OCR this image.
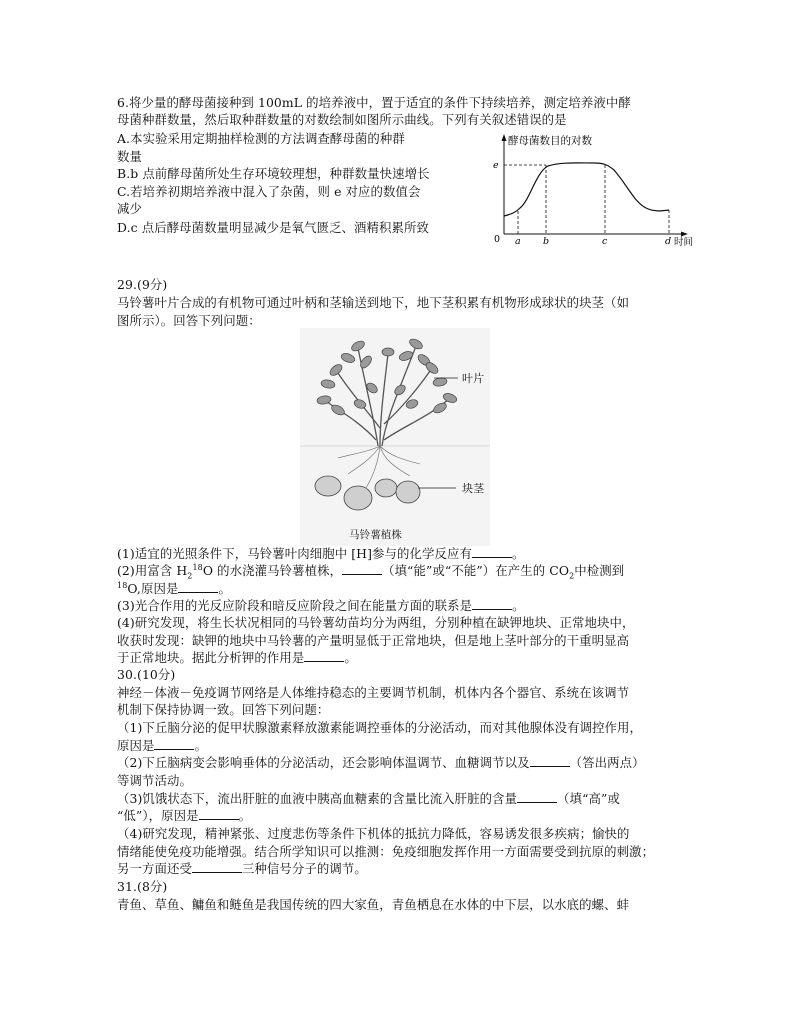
6.将少量的酵母菌接种到 100mL 的培养液中，置于适宜的条件下持续培养，测定培养液中酵
母菌种群数量，然后取种群数量的对数绘制如图所示曲线。下列有关叙述错误的是
A.本实验采用定期抽样检测的方法调查酵母菌的种群
数量
B.b 点前酵母菌所处生存环境较理想，种群数量快速增长
C.若培养初期培养液中混入了杂菌，则 e 对应的数值会
减少
D.c 点后酵母菌数量明显减少是氧气匮乏、酒精积累所致
酵母菌数目的对数
0 a b	c	d
e
时间
29.(9分)
马铃薯叶片合成的有机物可通过叶柄和茎输送到地下，地下茎积累有机物形成球状的块茎（如
图所示）。回答下列问题：
叶片
块茎
马铃薯植株
(1)适宜的光照条件下，马铃薯叶肉细胞中 [H]参与的化学反应有	。
(2)用富含 $H_2^{18}O$ 的水浇灌马铃薯植株，	（填“能”或“不能”）在产生的 $CO_2$中检测到
$^{18}$O,原因是	。
(3)光合作用的光反应阶段和暗反应阶段之间在能量方面的联系是	。
(4)研究发现，将生长状况相同的马铃薯幼苗均分为两组，分别种植在缺钾地块、正常地块中，
收获时发现：缺钾的地块中马铃薯的产量明显低于正常地块，但是地上茎叶部分的干重明显高
于正常地块。据此分析钾的作用是	。
30.(10分)
神经－体液－免疫调节网络是人体维持稳态的主要调节机制，机体内各个器官、系统在该调节
机制下保持协调一致。回答下列问题：
（1)下丘脑分泌的促甲状腺激素释放激素能调控垂体的分泌活动，而对其他腺体没有调控作用，
原因是	。
（2)下丘脑病变会影响垂体的分泌活动，还会影响体温调节、血糖调节以及	（答出两点）
等调节活动。
（3)饥饿状态下，流出肝脏的血液中胰高血糖素的含量比流入肝脏的含量	（填“高”或
“低”），原因是	。
（4)研究发现，精神紧张、过度悲伤等条件下机体的抵抗力降低，容易诱发很多疾病；愉快的
情绪能使免疫功能增强。结合所学知识可以推测：免疫细胞发挥作用一方面需要受到抗原的刺激；
另一方面还受	三种信号分子的调节。
31.(8分)
青鱼、草鱼、鳙鱼和鲢鱼是我国传统的四大家鱼，青鱼栖息在水体的中下层，以水底的螺、蚌
